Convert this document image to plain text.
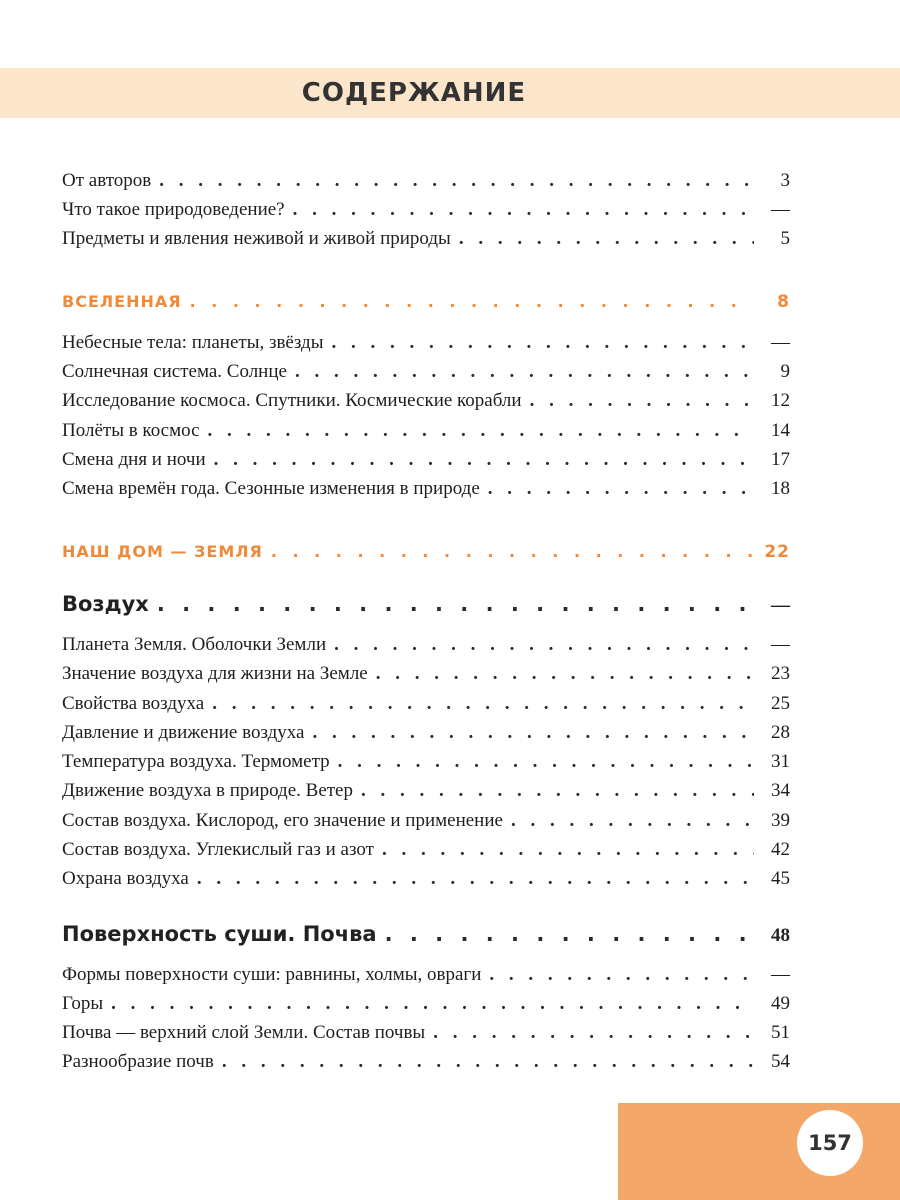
СОДЕРЖАНИЕ
От авторов . . .	3
Что такое природоведение? . . .	—
Предметы и явления неживой и живой природы . . .	5
ВСЕЛЕННАЯ . . .	8
Небесные тела: планеты, звёзды . . .	—
Солнечная система. Солнце . . .	9
Исследование космоса. Спутники. Космические корабли . . .	12
Полёты в космос . . .	14
Смена дня и ночи . . .	17
Смена времён года. Сезонные изменения в природе . . .	18
НАШ ДОМ — ЗЕМЛЯ . . .	22
Воздух . . .	—
Планета Земля. Оболочки Земли . . .	—
Значение воздуха для жизни на Земле . . .	23
Свойства воздуха . . .	25
Давление и движение воздуха . . .	28
Температура воздуха. Термометр . . .	31
Движение воздуха в природе. Ветер . . .	34
Состав воздуха. Кислород, его значение и применение . . .	39
Состав воздуха. Углекислый газ и азот . . .	42
Охрана воздуха . . .	45
Поверхность суши. Почва . . .	48
Формы поверхности суши: равнины, холмы, овраги . . .	—
Горы . . .	49
Почва — верхний слой Земли. Состав почвы . . .	51
Разнообразие почв . . .	54
157
